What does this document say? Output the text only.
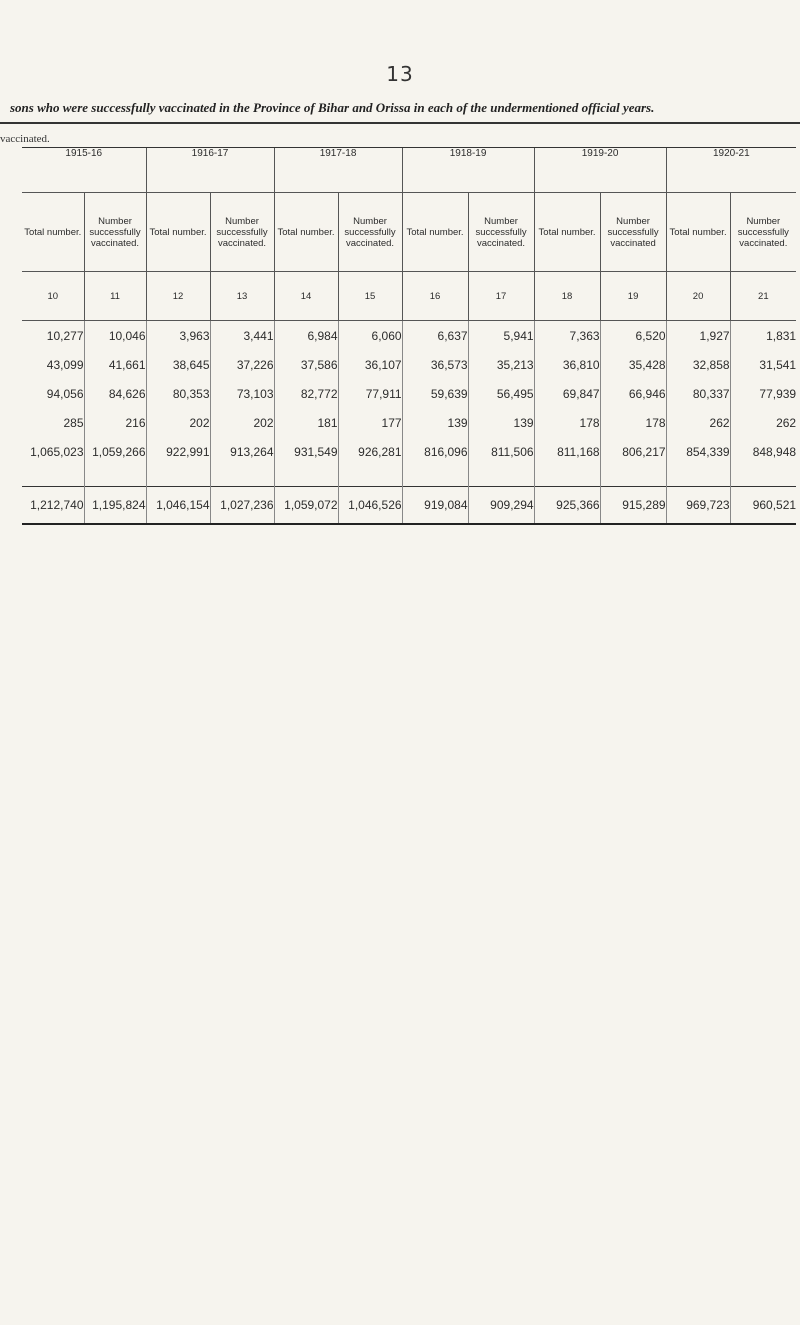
13
sons who were successfully vaccinated in the Province of Bihar and Orissa in each of the undermentioned official years.
vaccinated.
1915-16		1916-17		1917-18		1918-19		1919-20		1920-21	
Total number.	Number successfully vaccinated.	Total number.	Number successfully vaccinated.	Total number.	Number successfully vaccinated.	Total number.	Number successfully vaccinated.	Total number.	Number successfully vaccinated	Total number.	Number successfully vaccinated.
10	11	12	13	14	15	16	17	18	19	20	21
10,277	10,046	3,963	3,441	6,984	6,060	6,637	5,941	7,363	6,520	1,927	1,831
43,099	41,661	38,645	37,226	37,586	36,107	36,573	35,213	36,810	35,428	32,858	31,541
94,056	84,626	80,353	73,103	82,772	77,911	59,639	56,495	69,847	66,946	80,337	77,939
285	216	202	202	181	177	139	139	178	178	262	262
1,065,023	1,059,266	922,991	913,264	931,549	926,281	816,096	811,506	811,168	806,217	854,339	848,948

1,212,740	1,195,824	1,046,154	1,027,236	1,059,072	1,046,526	919,084	909,294	925,366	915,289	969,723	960,521
